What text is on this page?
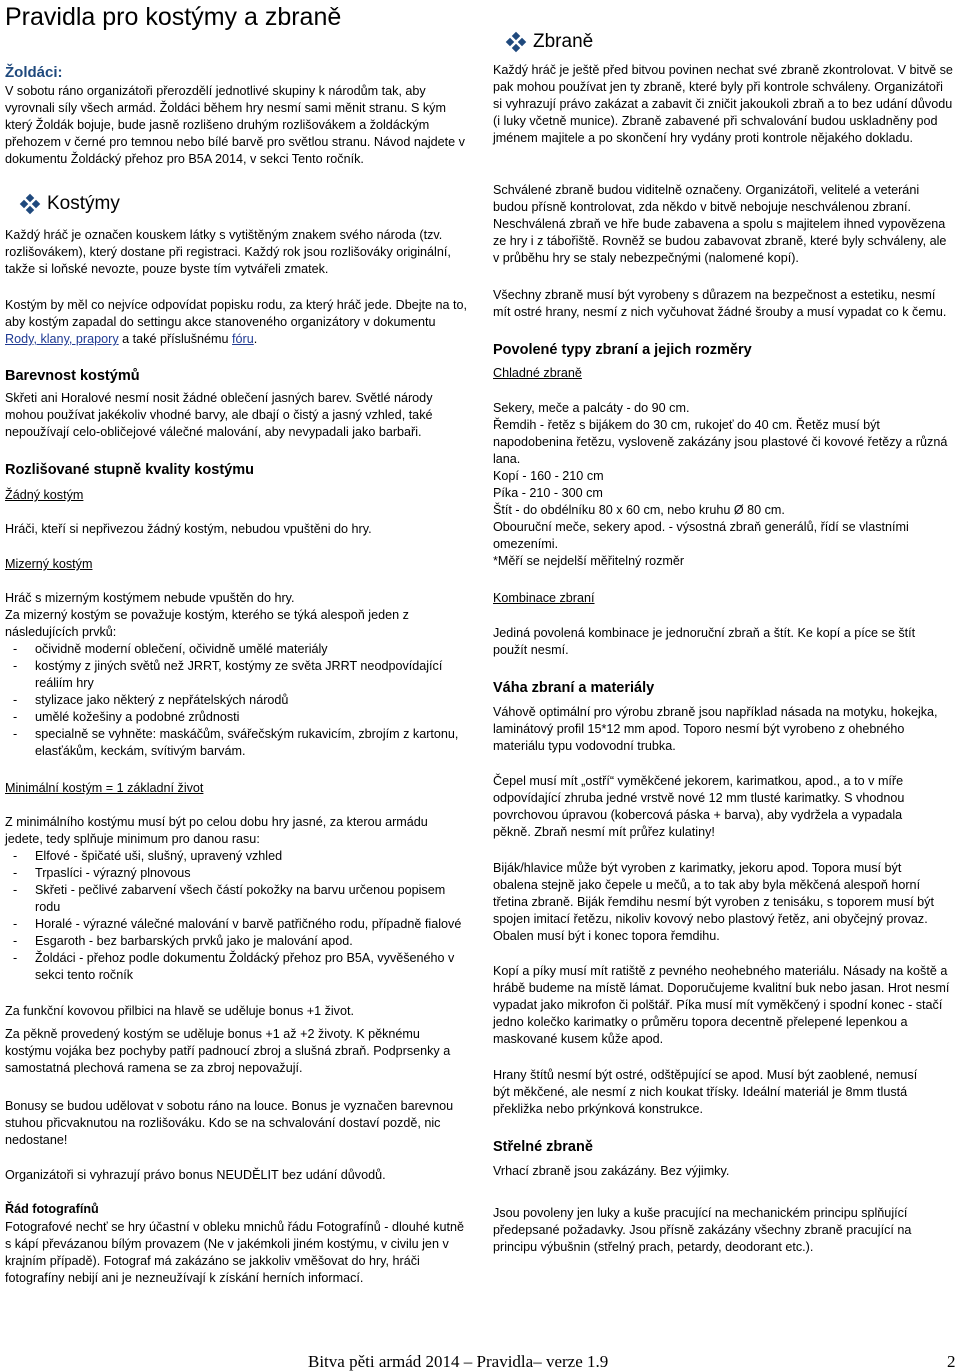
Pravidla pro kostýmy a zbraně

Žoldáci:

V sobotu ráno organizátoři přerozdělí jednotlivé skupiny k národům tak, aby vyrovnali síly všech armád. Žoldáci během hry nesmí sami měnit stranu. S kým který Žoldák bojuje, bude jasně rozlišeno druhým rozlišovákem a žoldáckým přehozem v černé pro temnou nebo bílé barvě pro světlou stranu. Návod najdete v dokumentu Žoldácký přehoz pro B5A 2014, v sekci Tento ročník.

Kostýmy

Každý hráč je označen kouskem látky s vytištěným znakem svého národa (tzv. rozlišovákem), který dostane při registraci. Každý rok jsou rozlišováky originální, takže si loňské nevozte, pouze byste tím vytvářeli zmatek.

Kostým by měl co nejvíce odpovídat popisku rodu, za který hráč jede. Dbejte na to, aby kostým zapadal do settingu akce stanoveného organizátory v dokumentu Rody, klany, prapory a také příslušnému fóru.

Barevnost kostýmů

Skřeti ani Horalové nesmí nosit žádné oblečení jasných barev. Světlé národy mohou používat jakékoliv vhodné barvy, ale dbají o čistý a jasný vzhled, také nepoužívají celo-obličejové válečné malování, aby nevypadali jako barbaři.

Rozlišované stupně kvality kostýmu

Žádný kostým

Hráči, kteří si nepřivezou žádný kostým, nebudou vpuštěni do hry.

Mizerný kostým

Hráč s mizerným kostýmem nebude vpuštěn do hry.

Za mizerný kostým se považuje kostým, kterého se týká alespoň jeden z následujících prvků:

- očividně moderní oblečení, očividně umělé materiály
- kostýmy z jiných světů než JRRT, kostýmy ze světa JRRT neodpovídající reáliím hry
- stylizace jako některý z nepřátelských národů
- umělé kožešiny a podobné zrůdnosti
- specialně se vyhněte: maskáčům, svářečským rukavicím, zbrojím z kartonu, elasťákům, keckám, svítivým barvám.

Minimální kostým = 1 základní život

Z minimálního kostýmu musí být po celou dobu hry jasné, za kterou armádu jedete, tedy splňuje minimum pro danou rasu:

- Elfové - špičaté uši, slušný, upravený vzhled
- Trpaslíci - výrazný plnovous
- Skřeti - pečlivé zabarvení všech částí pokožky na barvu určenou popisem rodu
- Horalé - výrazné válečné malování v barvě patřičného rodu, případně fialové
- Esgaroth - bez barbarských prvků jako je malování apod.
- Žoldáci - přehoz podle dokumentu Žoldácký přehoz pro B5A, vyvěšeného v sekci tento ročník

Za funkční kovovou přilbici na hlavě se uděluje bonus +1 život.

Za pěkně provedený kostým se uděluje bonus +1 až +2 životy. K pěknému kostýmu vojáka bez pochyby patří padnoucí zbroj a slušná zbraň. Podprsenky a samostatná plechová ramena se za zbroj nepovažují.

Bonusy se budou udělovat v sobotu ráno na louce. Bonus je vyznačen barevnou stuhou přicvaknutou na rozlišováku. Kdo se na schvalování dostaví pozdě, nic nedostane!

Organizátoři si vyhrazují právo bonus NEUDĚLIT bez udání důvodů.

Řád fotografínů

Fotografové nechť se hry účastní v obleku mnichů řádu Fotografínů - dlouhé kutně s kápí převázanou bílým provazem (Ne v jakémkoli jiném kostýmu, v civilu jen v krajním případě). Fotograf má zakázáno se jakkoliv vměšovat do hry, hráči fotografíny nebijí ani je nezneužívají k získání herních informací.

Zbraně

Každý hráč je ještě před bitvou povinen nechat své zbraně zkontrolovat. V bitvě se pak mohou používat jen ty zbraně, které byly při kontrole schváleny. Organizátoři si vyhrazují právo zakázat a zabavit či zničit jakoukoli zbraň a to bez udání důvodu (i luky včetně munice). Zbraně zabavené při schvalování budou uskladněny pod jménem majitele a po skončení hry vydány proti kontrole nějakého dokladu.

Schválené zbraně budou viditelně označeny. Organizátoři, velitelé a veteráni budou přísně kontrolovat, zda někdo v bitvě nebojuje neschválenou zbraní. Neschválená zbraň ve hře bude zabavena a spolu s majitelem ihned vypovězena ze hry i z tábořiště. Rovněž se budou zabavovat zbraně, které byly schváleny, ale v průběhu hry se staly nebezpečnými (nalomené kopí).

Všechny zbraně musí být vyrobeny s důrazem na bezpečnost a estetiku, nesmí mít ostré hrany, nesmí z nich vyčuhovat žádné šrouby a musí vypadat co k čemu.

Povolené typy zbraní a jejich rozměry

Chladné zbraně

Sekery, meče a palcáty - do 90 cm.

Řemdih - řetěz s bijákem do 30 cm, rukojeť do 40 cm. Řetěz musí být napodobenina řetězu, vysloveně zakázány jsou plastové či kovové řetězy a různá lana.

Kopí - 160 - 210 cm

Píka - 210 - 300 cm

Štít - do obdélníku 80 x 60 cm, nebo kruhu Ø 80 cm.

Obouruční meče, sekery apod. - výsostná zbraň generálů, řídí se vlastními omezeními.

*Měří se nejdelší měřitelný rozměr

Kombinace zbraní

Jediná povolená kombinace je jednoruční zbraň a štít. Ke kopí a píce se štít použít nesmí.

Váha zbraní a materiály

Váhově optimální pro výrobu zbraně jsou například násada na motyku, hokejka, laminátový profil 15*12 mm apod. Toporo nesmí být vyrobeno z ohebného materiálu typu vodovodní trubka.

Čepel musí mít „ostří“ vyměkčené jekorem, karimatkou, apod., a to v míře odpovídající zhruba jedné vrstvě nové 12 mm tlusté karimatky. S vhodnou povrchovou úpravou (kobercová páska + barva), aby vydržela a vypadala pěkně. Zbraň nesmí mít průřez kulatiny!

Biják/hlavice může být vyroben z karimatky, jekoru apod. Topora musí být obalena stejně jako čepele u mečů, a to tak aby byla měkčená alespoň horní třetina zbraně. Biják řemdihu nesmí být vyroben z tenisáku, s toporem musí být spojen imitací řetězu, nikoliv kovový nebo plastový řetěz, ani obyčejný provaz. Obalen musí být i konec topora řemdihu.

Kopí a píky musí mít ratiště z pevného neohebného materiálu. Násady na koště a hrábě budeme na místě lámat. Doporučujeme kvalitní buk nebo jasan. Hrot nesmí vypadat jako mikrofon či polštář. Píka musí mít vyměkčený i spodní konec - stačí jedno kolečko karimatky o průměru topora decentně přelepené lepenkou a maskované kusem kůže apod.

Hrany štítů nesmí být ostré, odštěpující se apod. Musí být zaoblené, nemusí být měkčené, ale nesmí z nich koukat třísky. Ideální materiál je 8mm tlustá překližka nebo prkýnková konstrukce.

Střelné zbraně

Vrhací zbraně jsou zakázány. Bez výjimky.

Jsou povoleny jen luky a kuše pracující na mechanickém principu splňující předepsané požadavky. Jsou přísně zakázány všechny zbraně pracující na principu výbušnin (střelný prach, petardy, deodorant etc.).

Bitva pěti armád 2014 – Pravidla– verze 1.9	2
